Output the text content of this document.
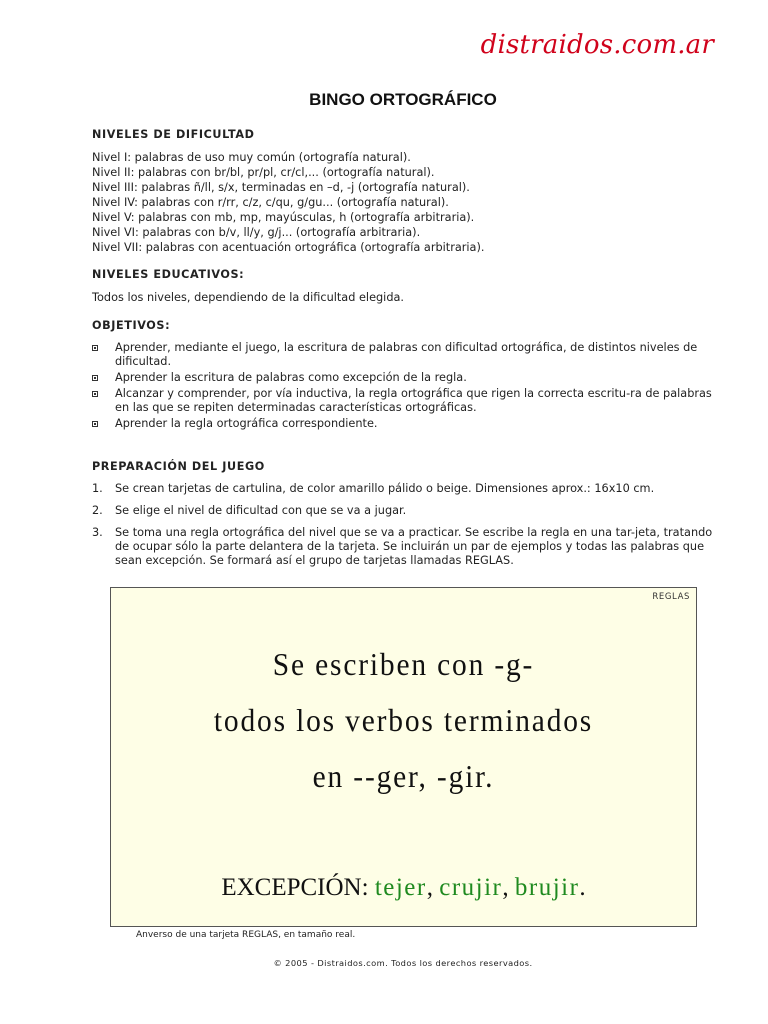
distraidos.com.ar
BINGO ORTOGRÁFICO
NIVELES DE DIFICULTAD
Nivel I: palabras de uso muy común (ortografía natural).
Nivel II: palabras con br/bl, pr/pl, cr/cl,... (ortografía natural).
Nivel III: palabras ñ/ll, s/x, terminadas en –d, -j (ortografía natural).
Nivel IV: palabras con r/rr, c/z, c/qu, g/gu... (ortografía natural).
Nivel V: palabras con mb, mp, mayúsculas, h (ortografía arbitraria).
Nivel VI: palabras con b/v, ll/y, g/j... (ortografía arbitraria).
Nivel VII: palabras con acentuación ortográfica (ortografía arbitraria).
NIVELES EDUCATIVOS:
Todos los niveles, dependiendo de la dificultad elegida.
OBJETIVOS:
Aprender, mediante el juego, la escritura de palabras con dificultad ortográfica, de distintos niveles de dificultad.
Aprender la escritura de palabras como excepción de la regla.
Alcanzar y comprender, por vía inductiva, la regla ortográfica que rigen la correcta escritu-ra de palabras en las que se repiten determinadas características ortográficas.
Aprender la regla ortográfica correspondiente.
PREPARACIÓN DEL JUEGO
1. Se crean tarjetas de cartulina, de color amarillo pálido o beige. Dimensiones aprox.: 16x10 cm.
2. Se elige el nivel de dificultad con que se va a jugar.
3. Se toma una regla ortográfica del nivel que se va a practicar. Se escribe la regla en una tar-jeta, tratando de ocupar sólo la parte delantera de la tarjeta. Se incluirán un par de ejemplos y todas las palabras que sean excepción. Se formará así el grupo de tarjetas llamadas REGLAS.
REGLAS
Se escriben con -g-
todos los verbos terminados
en --ger, -gir.
EXCEPCIÓN: tejer, crujir, brujir.
Anverso de una tarjeta REGLAS, en tamaño real.
© 2005 - Distraidos.com. Todos los derechos reservados.
